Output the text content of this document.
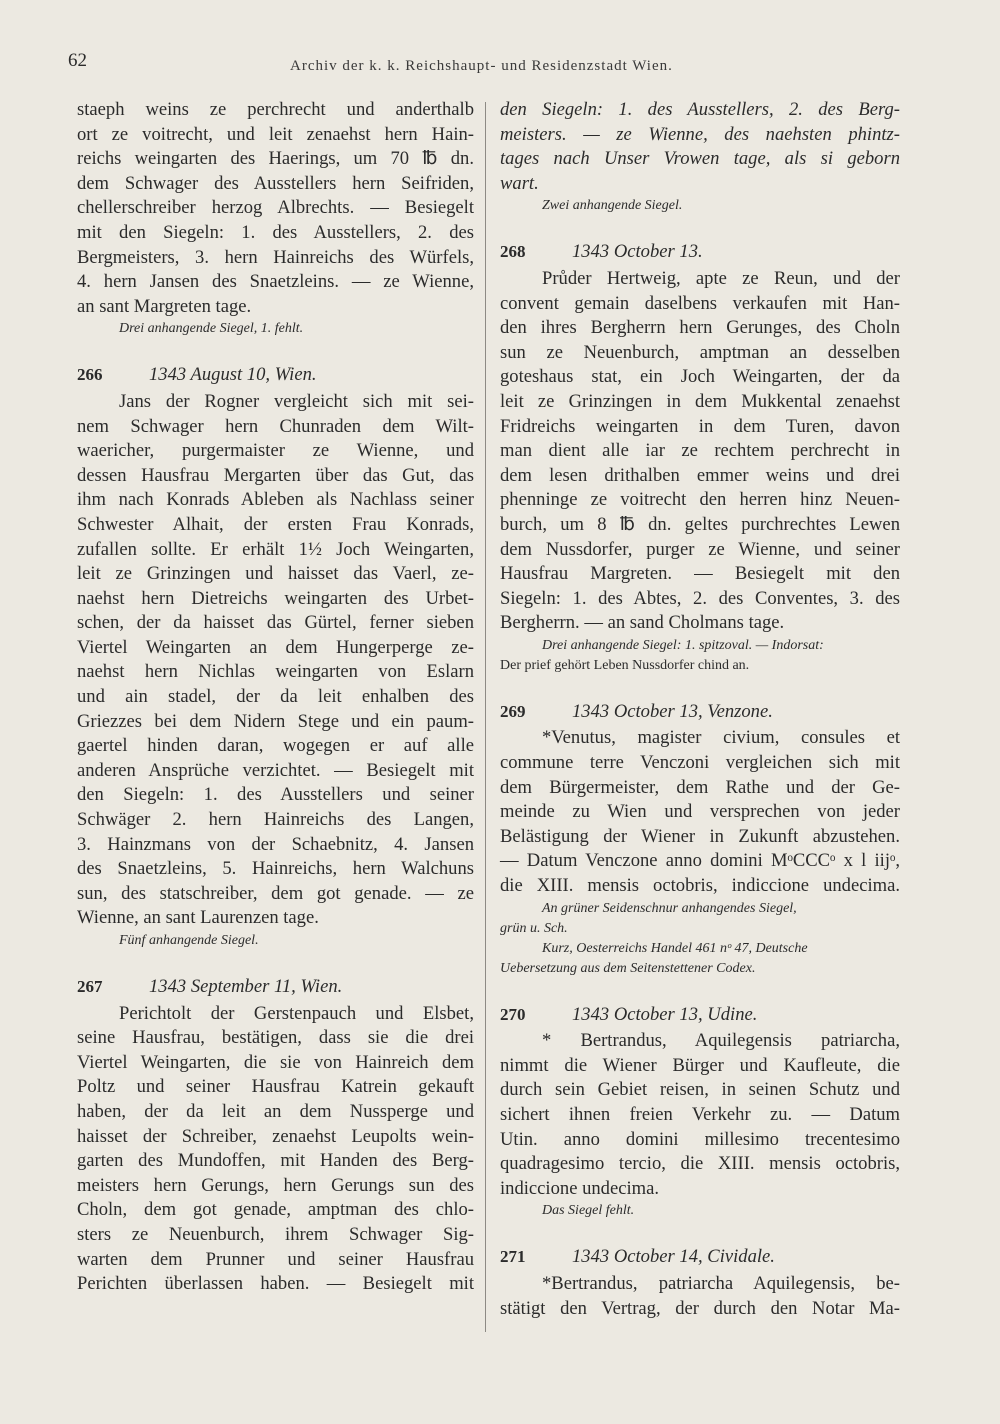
62	Archiv der k. k. Reichshaupt- und Residenzstadt Wien.
staeph weins ze perchrecht und anderthalb
ort ze voitrecht, und leit zenaehst hern Hain-
reichs weingarten des Haerings, um 70 ℔ dn.
dem Schwager des Ausstellers hern Seifriden,
chellerschreiber herzog Albrechts. — Besiegelt
mit den Siegeln: 1. des Ausstellers, 2. des
Bergmeisters, 3. hern Hainreichs des Würfels,
4. hern Jansen des Snaetzleins. — ze Wienne,
an sant Margreten tage.
Drei anhangende Siegel, 1. fehlt.
266	1343 August 10, Wien.
Jans der Rogner vergleicht sich mit sei-
nem Schwager hern Chunraden dem Wilt-
waericher, purgermaister ze Wienne, und
dessen Hausfrau Mergarten über das Gut, das
ihm nach Konrads Ableben als Nachlass seiner
Schwester Alhait, der ersten Frau Konrads,
zufallen sollte. Er erhält 1½ Joch Weingarten,
leit ze Grinzingen und haisset das Vaerl, ze-
naehst hern Dietreichs weingarten des Urbet-
schen, der da haisset das Gürtel, ferner sieben
Viertel Weingarten an dem Hungerperge ze-
naehst hern Nichlas weingarten von Eslarn
und ain stadel, der da leit enhalben des
Griezzes bei dem Nidern Stege und ein paum-
gaertel hinden daran, wogegen er auf alle
anderen Ansprüche verzichtet. — Besiegelt mit
den Siegeln: 1. des Ausstellers und seiner
Schwäger 2. hern Hainreichs des Langen,
3. Hainzmans von der Schaebnitz, 4. Jansen
des Snaetzleins, 5. Hainreichs, hern Walchuns
sun, des statschreiber, dem got genade. — ze
Wienne, an sant Laurenzen tage.
Fünf anhangende Siegel.
267	1343 September 11, Wien.
Perichtolt der Gerstenpauch und Elsbet,
seine Hausfrau, bestätigen, dass sie die drei
Viertel Weingarten, die sie von Hainreich dem
Poltz und seiner Hausfrau Katrein gekauft
haben, der da leit an dem Nussperge und
haisset der Schreiber, zenaehst Leupolts wein-
garten des Mundoffen, mit Handen des Berg-
meisters hern Gerungs, hern Gerungs sun des
Choln, dem got genade, amptman des chlo-
sters ze Neuenburch, ihrem Schwager Sig-
warten dem Prunner und seiner Hausfrau
Perichten überlassen haben. — Besiegelt mit
den Siegeln: 1. des Ausstellers, 2. des Berg-
meisters. — ze Wienne, des naehsten phintz-
tages nach Unser Vrowen tage, als si geborn
wart.
Zwei anhangende Siegel.
268	1343 October 13.
Průder Hertweig, apte ze Reun, und der
convent gemain daselbens verkaufen mit Han-
den ihres Bergherrn hern Gerunges, des Choln
sun ze Neuenburch, amptman an desselben
goteshaus stat, ein Joch Weingarten, der da
leit ze Grinzingen in dem Mukkental zenaehst
Fridreichs weingarten in dem Turen, davon
man dient alle iar ze rechtem perchrecht in
dem lesen drithalben emmer weins und drei
phenninge ze voitrecht den herren hinz Neuen-
burch, um 8 ℔ dn. geltes purchrechtes Lewen
dem Nussdorfer, purger ze Wienne, und seiner
Hausfrau Margreten. — Besiegelt mit den
Siegeln: 1. des Abtes, 2. des Conventes, 3. des
Bergherrn. — an sand Cholmans tage.
Drei anhangende Siegel: 1. spitzoval. — Indorsat:
Der prief gehört Leben Nussdorfer chind an.
269	1343 October 13, Venzone.
*Venutus, magister civium, consules et
commune terre Venczoni vergleichen sich mit
dem Bürgermeister, dem Rathe und der Ge-
meinde zu Wien und versprechen von jeder
Belästigung der Wiener in Zukunft abzustehen.
— Datum Venczone anno domini MᵒCCCᵒ x l iijᵒ,
die XIII. mensis octobris, indiccione undecima.
An grüner Seidenschnur anhangendes Siegel,
grün u. Sch.
Kurz, Oesterreichs Handel 461 nᵒ 47, Deutsche
Uebersetzung aus dem Seitenstettener Codex.
270	1343 October 13, Udine.
* Bertrandus, Aquilegensis patriarcha,
nimmt die Wiener Bürger und Kaufleute, die
durch sein Gebiet reisen, in seinen Schutz und
sichert ihnen freien Verkehr zu. — Datum
Utin. anno domini millesimo trecentesimo
quadragesimo tercio, die XIII. mensis octobris,
indiccione undecima.
Das Siegel fehlt.
271	1343 October 14, Cividale.
*Bertrandus, patriarcha Aquilegensis, be-
stätigt den Vertrag, der durch den Notar Ma-
